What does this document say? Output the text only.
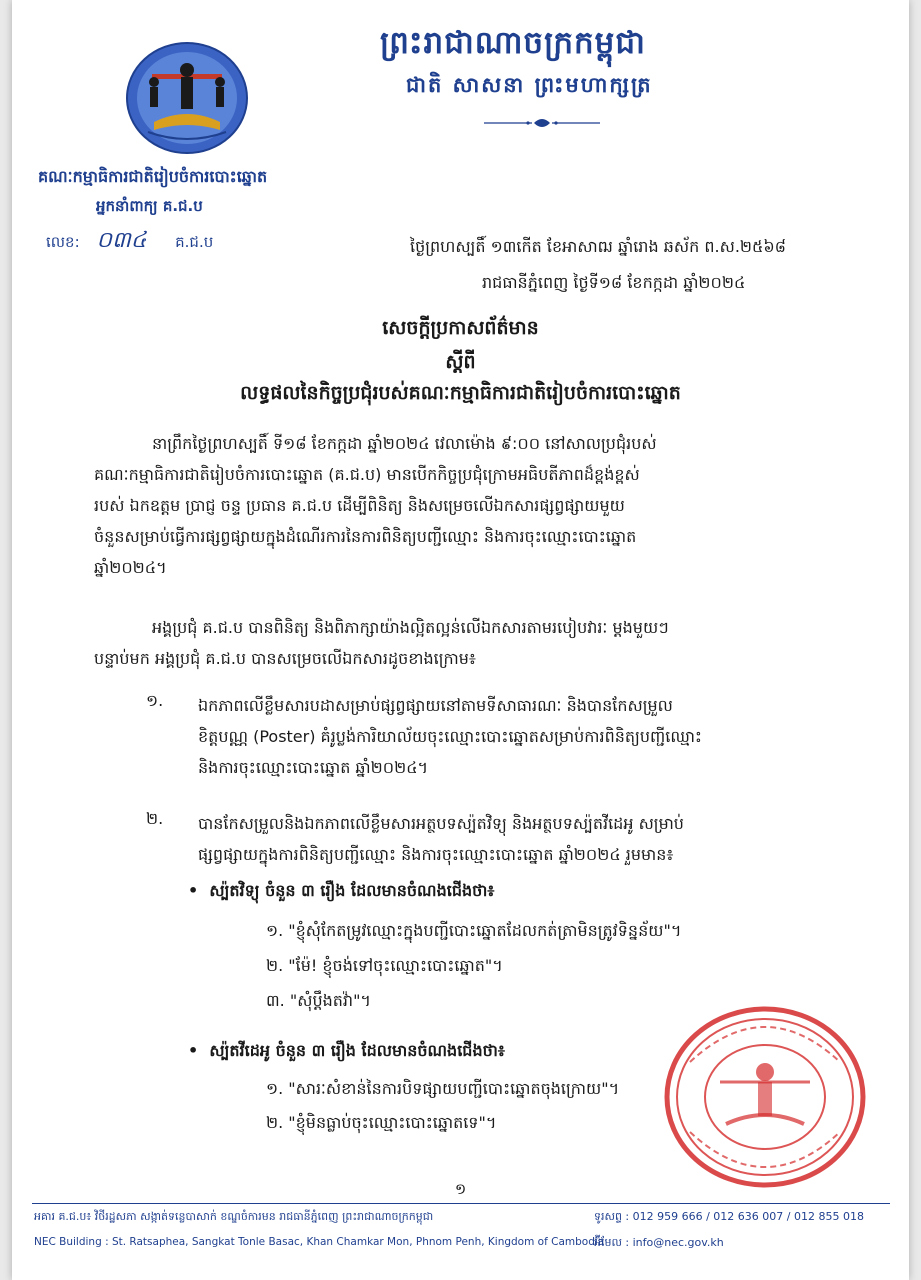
ព្រះរាជាណាចក្រកម្ពុជា
ជាតិ សាសនា ព្រះមហាក្សត្រ
គណៈកម្មាធិការជាតិរៀបចំការបោះឆ្នោត
អ្នកនាំពាក្យ គ.ជ.ប
លេខ: ០៣៤ គ.ជ.ប	ថ្ងៃព្រហស្បតិ៍ ១៣កើត ខែអាសាឍ ឆ្នាំរោង ឆស័ក ព.ស.២៥៦៨
រាជធានីភ្នំពេញ ថ្ងៃទី១៨ ខែកក្កដា ឆ្នាំ២០២៤
សេចក្ដីប្រកាសព័ត៌មាន
ស្ដីពី
លទ្ធផលនៃកិច្ចប្រជុំរបស់គណៈកម្មាធិការជាតិរៀបចំការបោះឆ្នោត
នាព្រឹកថ្ងៃព្រហស្បតិ៍ ទី១៨ ខែកក្កដា ឆ្នាំ២០២៤ វេលាម៉ោង ៩:០០ នៅសាលប្រជុំរបស់
គណៈកម្មាធិការជាតិរៀបចំការបោះឆ្នោត (គ.ជ.ប) មានបើកកិច្ចប្រជុំក្រោមអធិបតីភាពដ៏ខ្ពង់ខ្ពស់
របស់ ឯកឧត្តម ប្រាជ្ញ ចន្ទ ប្រធាន គ.ជ.ប ដើម្បីពិនិត្យ និងសម្រេចលើឯកសារផ្សព្វផ្សាយមួយ
ចំនួនសម្រាប់ធ្វើការផ្សព្វផ្សាយក្នុងដំណើរការនៃការពិនិត្យបញ្ជីឈ្មោះ និងការចុះឈ្មោះបោះឆ្នោត
ឆ្នាំ២០២៤។
អង្គប្រជុំ គ.ជ.ប បានពិនិត្យ និងពិភាក្សាយ៉ាងល្អិតល្អន់លើឯកសារតាមរបៀបវារៈ ម្ដងមួយៗ
បន្ទាប់មក អង្គប្រជុំ គ.ជ.ប បានសម្រេចលើឯកសារដូចខាងក្រោម៖
១. ឯកភាពលើខ្លឹមសារបដាសម្រាប់ផ្សព្វផ្សាយនៅតាមទីសាធារណៈ និងបានកែសម្រួល
ខិត្តបណ្ណ (Poster) គំរូប្លង់ការិយាល័យចុះឈ្មោះបោះឆ្នោតសម្រាប់ការពិនិត្យបញ្ជីឈ្មោះ
និងការចុះឈ្មោះបោះឆ្នោត ឆ្នាំ២០២៤។
២. បានកែសម្រួលនិងឯកភាពលើខ្លឹមសារអត្ថបទស្ប៉តវិទ្យុ និងអត្ថបទស្ប៉តវីដេអូ សម្រាប់
ផ្សព្វផ្សាយក្នុងការពិនិត្យបញ្ជីឈ្មោះ និងការចុះឈ្មោះបោះឆ្នោត ឆ្នាំ២០២៤ រួមមាន៖
•  ស្ប៉តវិទ្យុ ចំនួន ៣ រឿង ដែលមានចំណងជើងថា៖
១. "ខ្ញុំសុំកែតម្រូវឈ្មោះក្នុងបញ្ជីបោះឆ្នោតដែលកត់ត្រាមិនត្រូវទិន្នន័យ"។
២. "ម៉ែ! ខ្ញុំចង់ទៅចុះឈ្មោះបោះឆ្នោត"។
៣. "សុំប្ដឹងតវ៉ា"។
•  ស្ប៉តវីដេអូ ចំនួន ៣ រឿង ដែលមានចំណងជើងថា៖
១. "សារៈសំខាន់នៃការបិទផ្សាយបញ្ជីបោះឆ្នោតចុងក្រោយ"។
២. "ខ្ញុំមិនធ្លាប់ចុះឈ្មោះបោះឆ្នោតទេ"។
១
អគារ គ.ជ.ប៖ វិថីរដ្ឋសភា សង្កាត់ទន្លេបាសាក់ ខណ្ឌចំការមន រាជធានីភ្នំពេញ ព្រះរាជាណាចក្រកម្ពុជា
NEC Building : St. Ratsaphea, Sangkat Tonle Basac, Khan Chamkar Mon, Phnom Penh, Kingdom of Cambodia
ទូរសព្ទ : 012 959 666 / 012 636 007 / 012 855 018
អ៊ីមែល : info@nec.gov.kh
